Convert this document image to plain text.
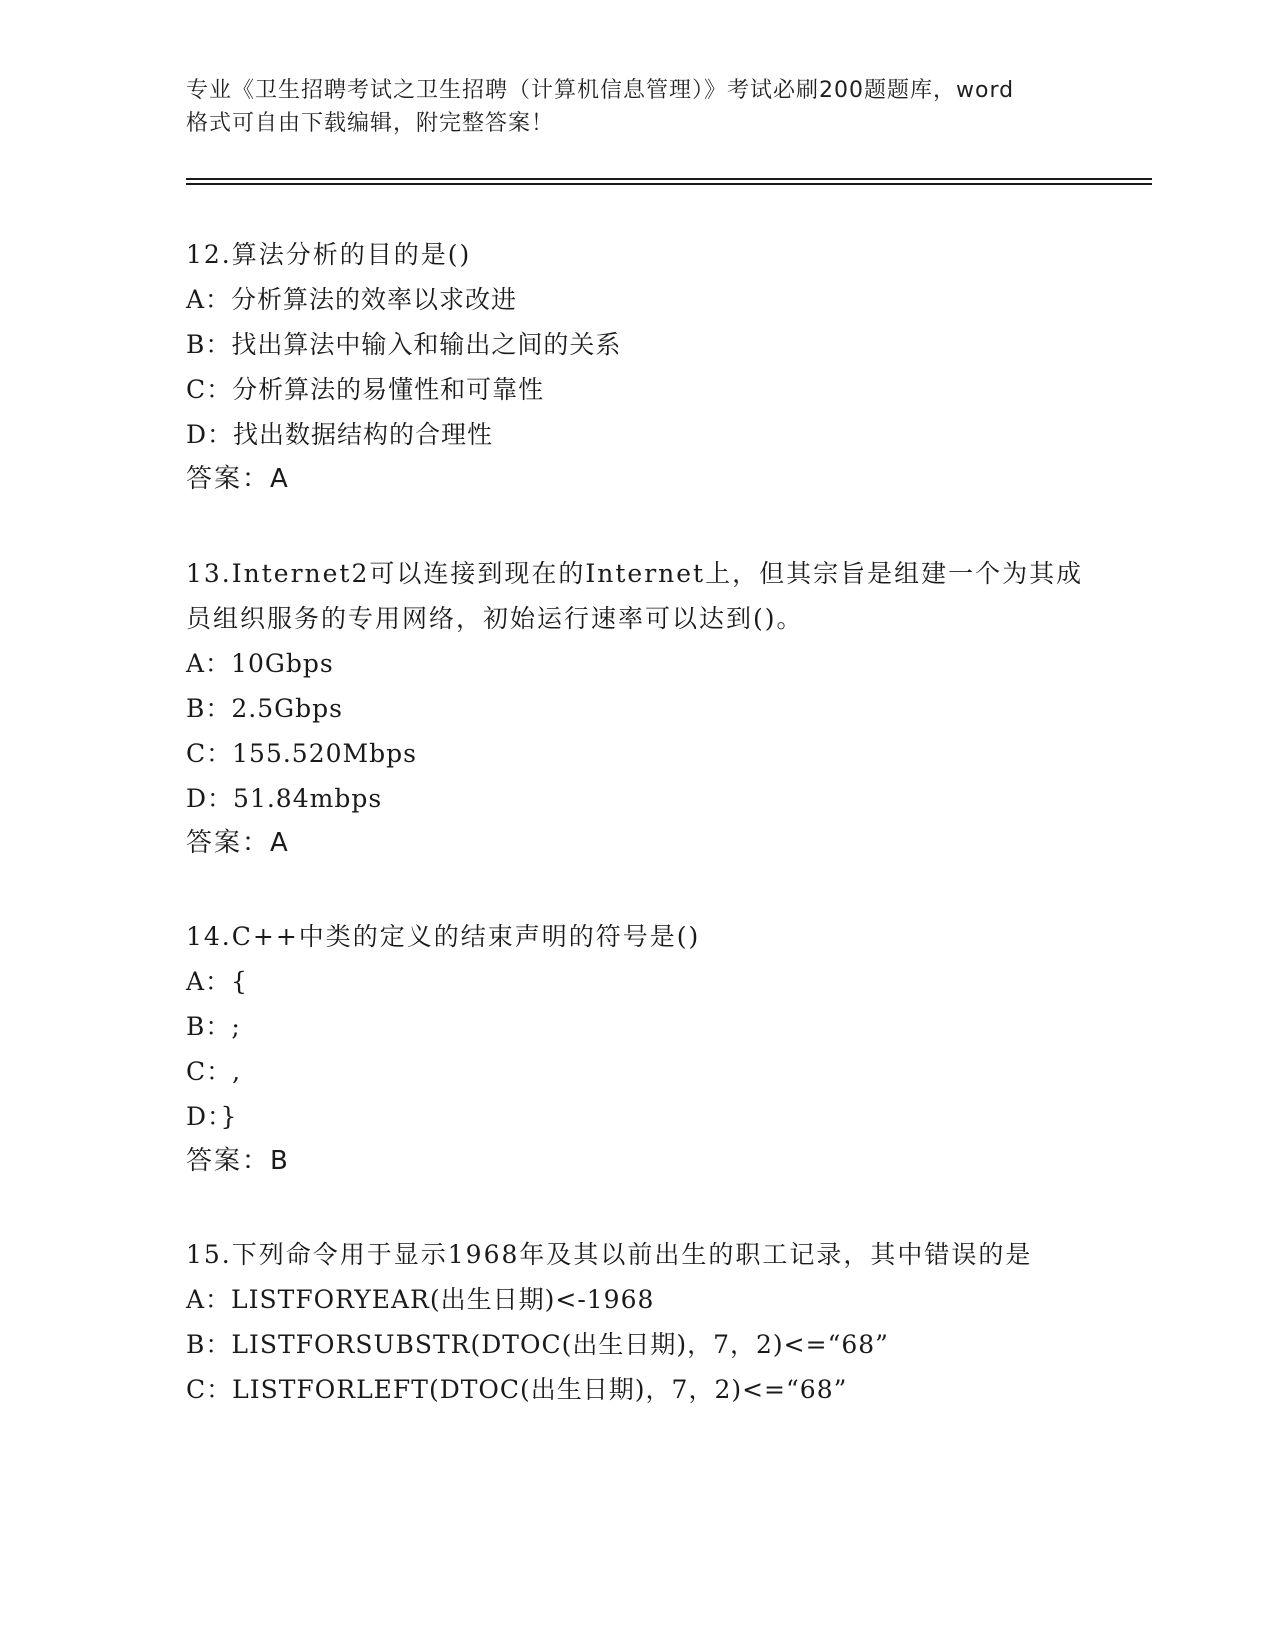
专业《卫生招聘考试之卫生招聘（计算机信息管理）》考试必刷200题题库，word
格式可自由下载编辑，附完整答案！

12.算法分析的目的是()

A：分析算法的效率以求改进

B：找出算法中输入和输出之间的关系

C：分析算法的易懂性和可靠性

D：找出数据结构的合理性

答案：A

13.Internet2可以连接到现在的Internet上，但其宗旨是组建一个为其成员组织服务的专用网络，初始运行速率可以达到()。

A：10Gbps

B：2.5Gbps

C：155.520Mbps

D：51.84mbps

答案：A

14.C++中类的定义的结束声明的符号是()

A：{

B：;

C：,

D：}

答案：B

15.下列命令用于显示1968年及其以前出生的职工记录，其中错误的是

A：LISTFORYEAR(出生日期)<-1968

B：LISTFORSUBSTR(DTOC(出生日期)，7，2)<=“68”

C：LISTFORLEFT(DTOC(出生日期)，7，2)<=“68”
